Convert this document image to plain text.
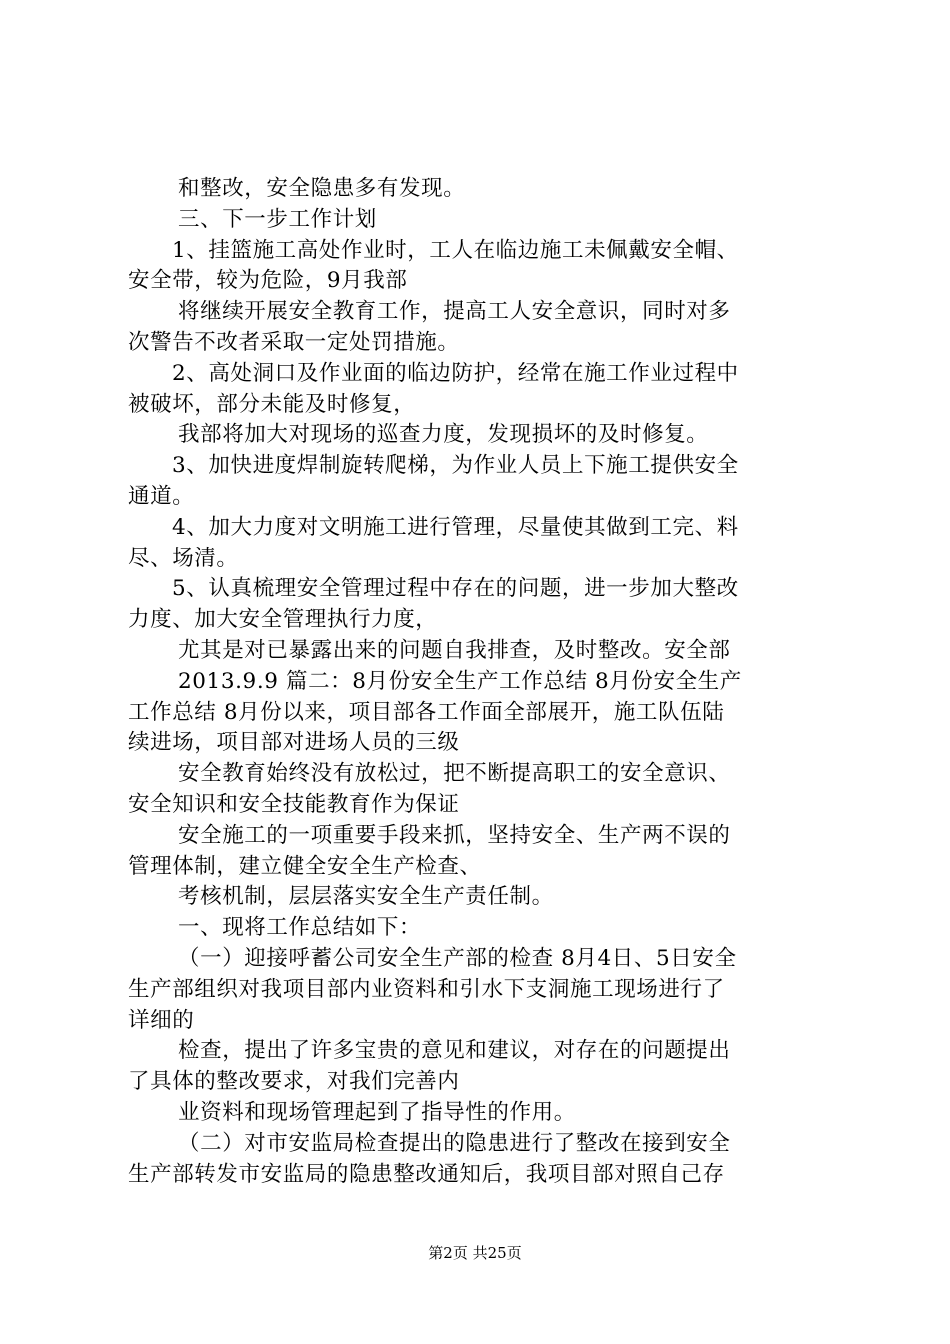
和整改，安全隐患多有发现。
三、下一步工作计划
1、挂篮施工高处作业时，工人在临边施工未佩戴安全帽、
安全带，较为危险，9月我部
将继续开展安全教育工作，提高工人安全意识，同时对多
次警告不改者采取一定处罚措施。
2、高处洞口及作业面的临边防护，经常在施工作业过程中
被破坏，部分未能及时修复，
我部将加大对现场的巡查力度，发现损坏的及时修复。
3、加快进度焊制旋转爬梯，为作业人员上下施工提供安全
通道。
4、加大力度对文明施工进行管理，尽量使其做到工完、料
尽、场清。
5、认真梳理安全管理过程中存在的问题，进一步加大整改
力度、加大安全管理执行力度，
尤其是对已暴露出来的问题自我排查，及时整改。安全部
2013.9.9 篇二：8月份安全生产工作总结 8月份安全生产
工作总结 8月份以来，项目部各工作面全部展开，施工队伍陆
续进场，项目部对进场人员的三级
安全教育始终没有放松过，把不断提高职工的安全意识、
安全知识和安全技能教育作为保证
安全施工的一项重要手段来抓，坚持安全、生产两不误的
管理体制，建立健全安全生产检查、
考核机制，层层落实安全生产责任制。
一、现将工作总结如下：
（一）迎接呼蓄公司安全生产部的检查 8月4日、5日安全
生产部组织对我项目部内业资料和引水下支洞施工现场进行了
详细的
检查，提出了许多宝贵的意见和建议，对存在的问题提出
了具体的整改要求，对我们完善内
业资料和现场管理起到了指导性的作用。
（二）对市安监局检查提出的隐患进行了整改在接到安全
生产部转发市安监局的隐患整改通知后，我项目部对照自己存
第2页 共25页
